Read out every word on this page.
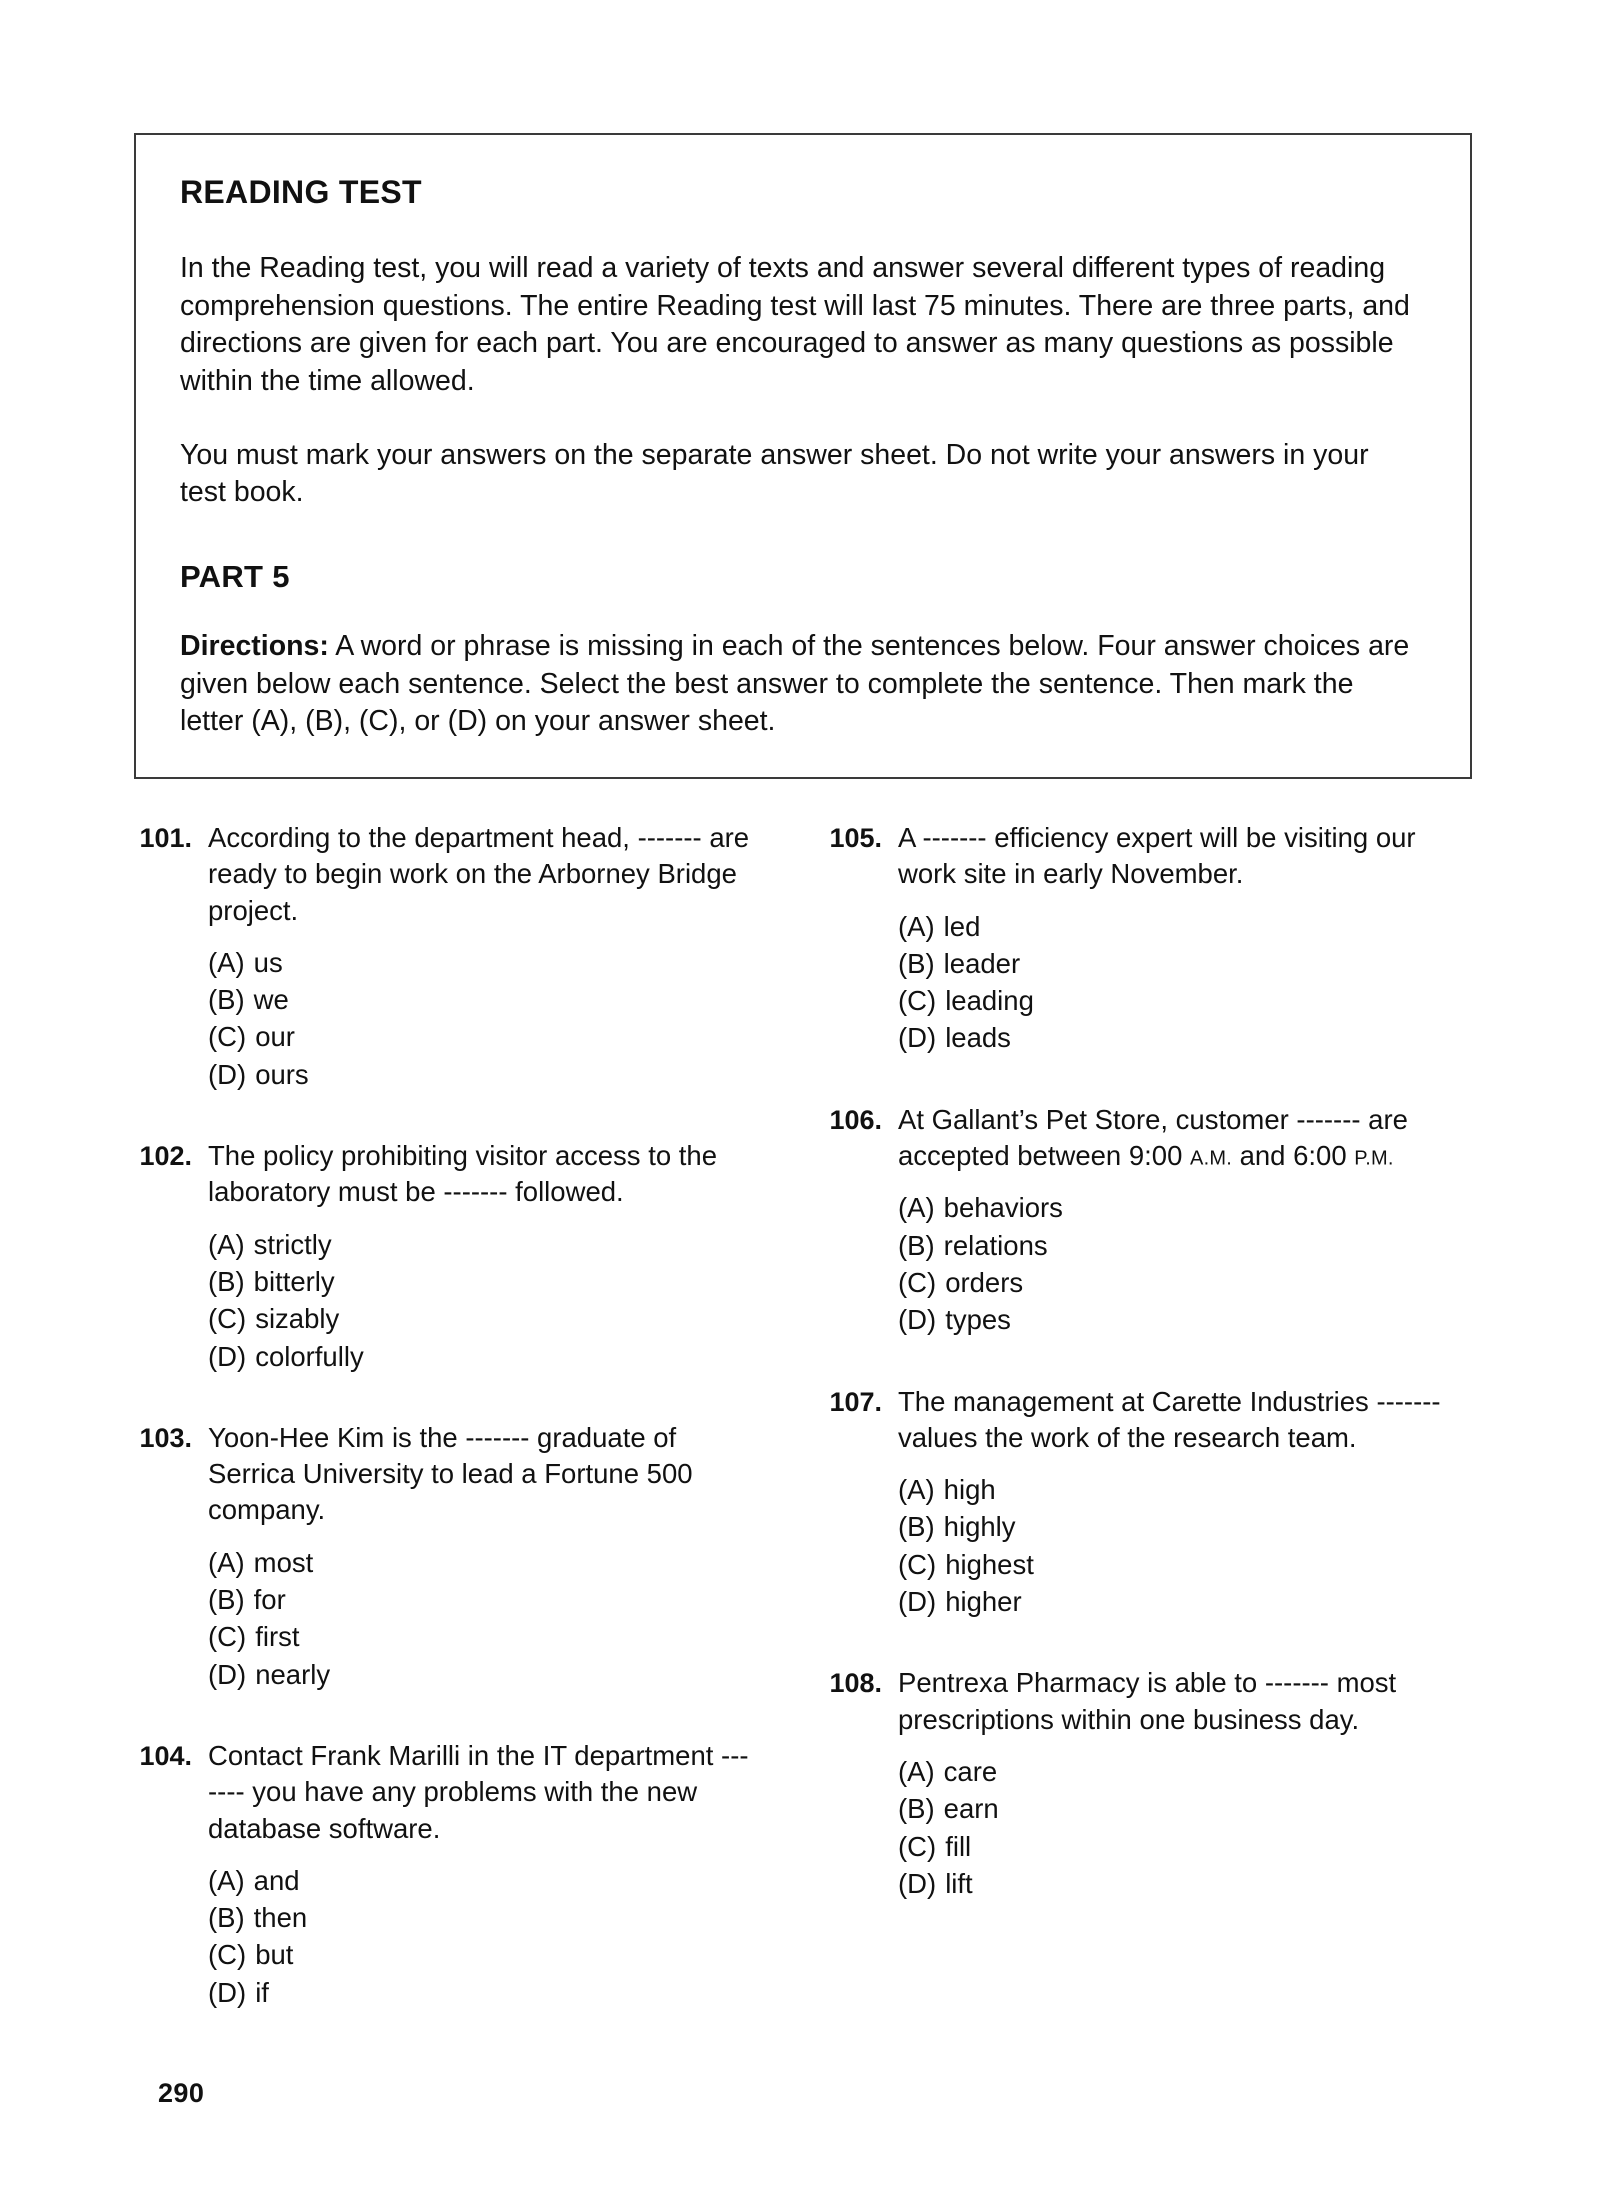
READING TEST

In the Reading test, you will read a variety of texts and answer several different types of reading comprehension questions. The entire Reading test will last 75 minutes. There are three parts, and directions are given for each part. You are encouraged to answer as many questions as possible within the time allowed.

You must mark your answers on the separate answer sheet. Do not write your answers in your test book.

PART 5

Directions: A word or phrase is missing in each of the sentences below. Four answer choices are given below each sentence. Select the best answer to complete the sentence. Then mark the letter (A), (B), (C), or (D) on your answer sheet.

101. According to the department head, ------- are ready to begin work on the Arborney Bridge project.

(A) us
(B) we
(C) our
(D) ours
102. The policy prohibiting visitor access to the laboratory must be ------- followed.

(A) strictly
(B) bitterly
(C) sizably
(D) colorfully
103. Yoon-Hee Kim is the ------- graduate of Serrica University to lead a Fortune 500 company.

(A) most
(B) for
(C) first
(D) nearly
104. Contact Frank Marilli in the IT department ------- you have any problems with the new database software.

(A) and
(B) then
(C) but
(D) if
105. A ------- efficiency expert will be visiting our work site in early November.

(A) led
(B) leader
(C) leading
(D) leads
106. At Gallant’s Pet Store, customer ------- are accepted between 9:00 A.M. and 6:00 P.M.

(A) behaviors
(B) relations
(C) orders
(D) types
107. The management at Carette Industries ------- values the work of the research team.

(A) high
(B) highly
(C) highest
(D) higher
108. Pentrexa Pharmacy is able to ------- most prescriptions within one business day.

(A) care
(B) earn
(C) fill
(D) lift
290
